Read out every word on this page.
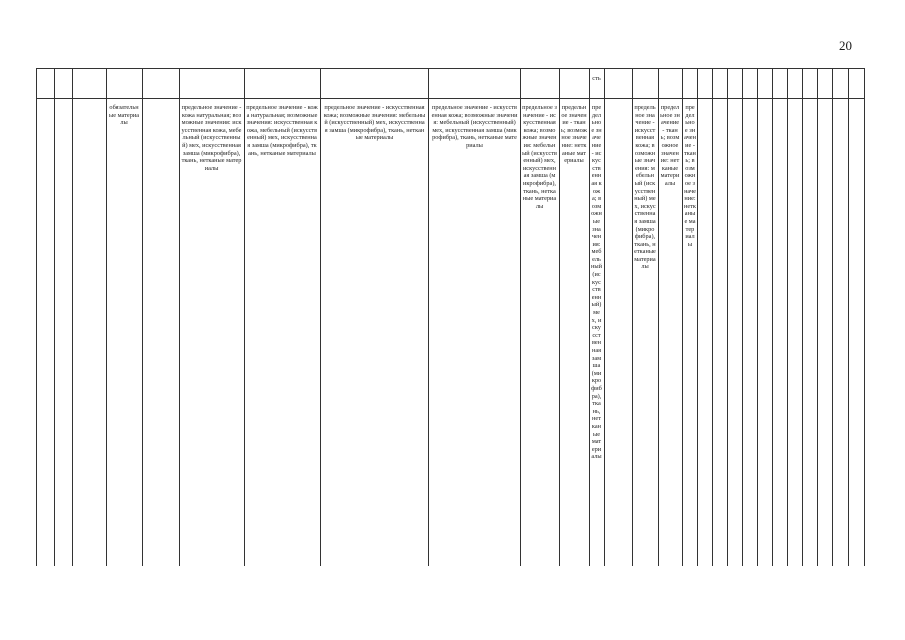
20
сть
обязательные материалы
предельное значение - кожа натуральная; возможные значения: искусственная кожа, мебельный (искусственный) мех, искусственная замша (микрофибра), ткань, нетканые материалы
предельное значение - кожа натуральная; возможные значения: искусственная кожа, мебельный (искусственный) мех, искусственная замша (микрофибра), ткань, нетканые материалы
предельное значение - искусственная кожа; возможные значения: мебельный (искусственный) мех, искусственная замша (микрофибра), ткань, нетканые материалы
предельное значение - искусственная кожа; возможные значения: мебельный (искусственный) мех, искусственная замша (микрофибра), ткань, нетканые материалы
предельное значение - искусственная кожа; возможные значения: мебельный (искусственный) мех, искусственная замша (микрофибра), ткань, нетканые материалы
предельное значение - ткань; возможное значение: нетканые материалы
предельное значение - искусственная кожа; возможные значения: мебельный (искусственный) мех, искусственная замша (микрофибра), ткань, нетканые материалы
предельное значение - искусственная кожа; возможные значения: мебельный (искусственный) мех, искусственная замша (микрофибра), ткань, нетканые материалы
предельное значение - ткань; возможное значение: нетканые материалы
предельное значение - ткань; возможное значение: нетканые материалы
